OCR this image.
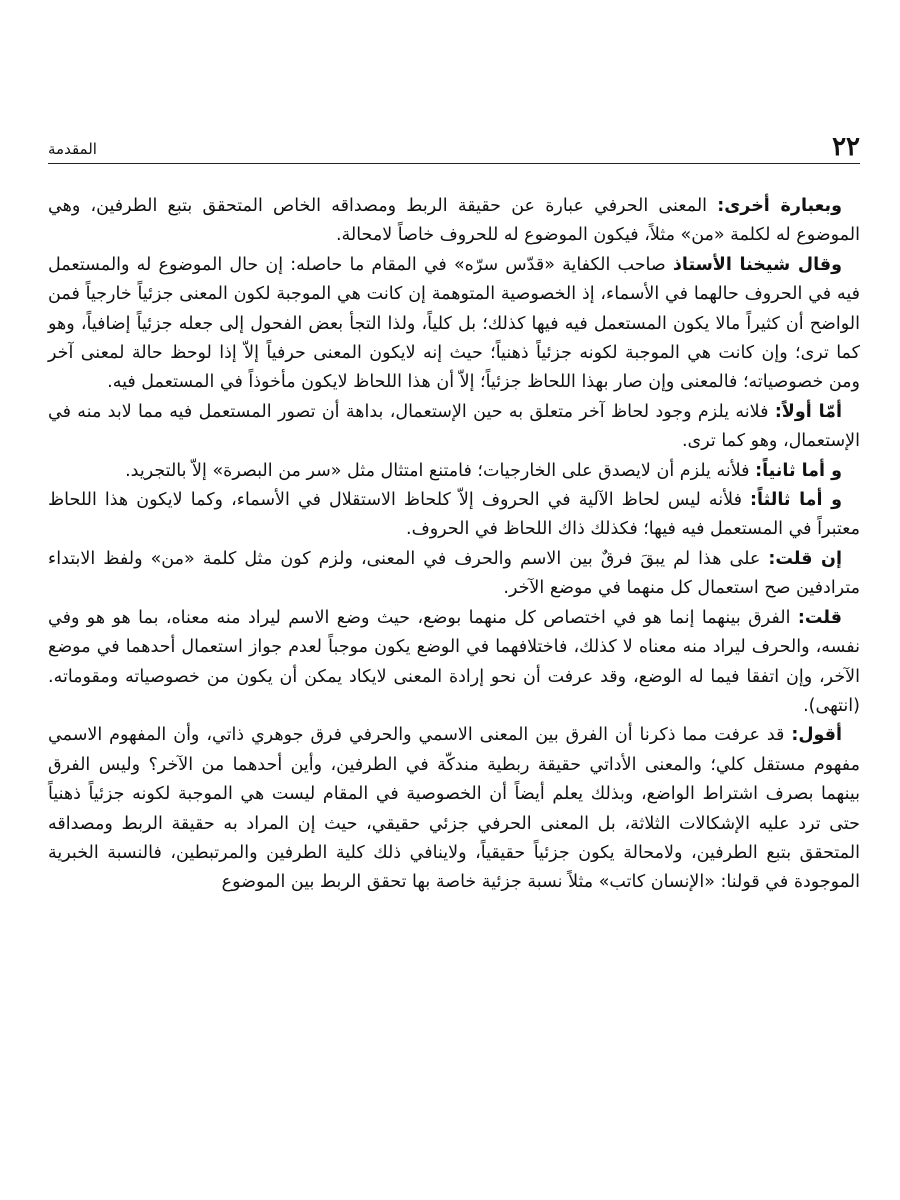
المقدمة	٢٢

وبعبارة أخرى: المعنى الحرفي عبارة عن حقيقة الربط ومصداقه الخاص المتحقق بتبع الطرفين، وهي الموضوع له لكلمة «من» مثلاً، فيكون الموضوع له للحروف خاصاً لامحالة.

وقال شيخنا الأستاذ صاحب الكفاية «قدّس سرّه» في المقام ما حاصله: إن حال الموضوع له والمستعمل فيه في الحروف حالهما في الأسماء، إذ الخصوصية المتوهمة إن كانت هي الموجبة لكون المعنى جزئياً خارجياً فمن الواضح أن كثيراً مالا يكون المستعمل فيه فيها كذلك؛ بل كلياً، ولذا التجأ بعض الفحول إلى جعله جزئياً إضافياً، وهو كما ترى؛ وإن كانت هي الموجبة لكونه جزئياً ذهنياً؛ حيث إنه لايكون المعنى حرفياً إلاّ إذا لوحظ حالة لمعنى آخر ومن خصوصياته؛ فالمعنى وإن صار بهذا اللحاظ جزئياً؛ إلاّ أن هذا اللحاظ لايكون مأخوذاً في المستعمل فيه.

أمّا أولاً: فلانه يلزم وجود لحاظ آخر متعلق به حين الإستعمال، بداهة أن تصور المستعمل فيه مما لابد منه في الإستعمال، وهو كما ترى.

و أما ثانياً: فلأنه يلزم أن لايصدق على الخارجيات؛ فامتنع امتثال مثل «سر من البصرة» إلاّ بالتجريد.

و أما ثالثاً: فلأنه ليس لحاظ الآلية في الحروف إلاّ كلحاظ الاستقلال في الأسماء، وكما لايكون هذا اللحاظ معتبراً في المستعمل فيه فيها؛ فكذلك ذاك اللحاظ في الحروف.

إن قلت: على هذا لم يبقَ فرقٌ بين الاسم والحرف في المعنى، ولزم كون مثل كلمة «من» ولفظ الابتداء مترادفين صح استعمال كل منهما في موضع الآخر.

قلت: الفرق بينهما إنما هو في اختصاص كل منهما بوضع، حيث وضع الاسم ليراد منه معناه، بما هو هو وفي نفسه، والحرف ليراد منه معناه لا كذلك، فاختلافهما في الوضع يكون موجباً لعدم جواز استعمال أحدهما في موضع الآخر، وإن اتفقا فيما له الوضع، وقد عرفت أن نحو إرادة المعنى لايكاد يمكن أن يكون من خصوصياته ومقوماته. (انتهى).

أقول: قد عرفت مما ذكرنا أن الفرق بين المعنى الاسمي والحرفي فرق جوهري ذاتي، وأن المفهوم الاسمي مفهوم مستقل كلي؛ والمعنى الأداتي حقيقة ربطية مندكّة في الطرفين، وأين أحدهما من الآخر؟ وليس الفرق بينهما بصرف اشتراط الواضع، وبذلك يعلم أيضاً أن الخصوصية في المقام ليست هي الموجبة لكونه جزئياً ذهنياً حتى ترد عليه الإشكالات الثلاثة، بل المعنى الحرفي جزئي حقيقي، حيث إن المراد به حقيقة الربط ومصداقه المتحقق بتبع الطرفين، ولامحالة يكون جزئياً حقيقياً، ولاينافي ذلك كلية الطرفين والمرتبطين، فالنسبة الخبرية الموجودة في قولنا: «الإنسان كاتب» مثلاً نسبة جزئية خاصة بها تحقق الربط بين الموضوع
